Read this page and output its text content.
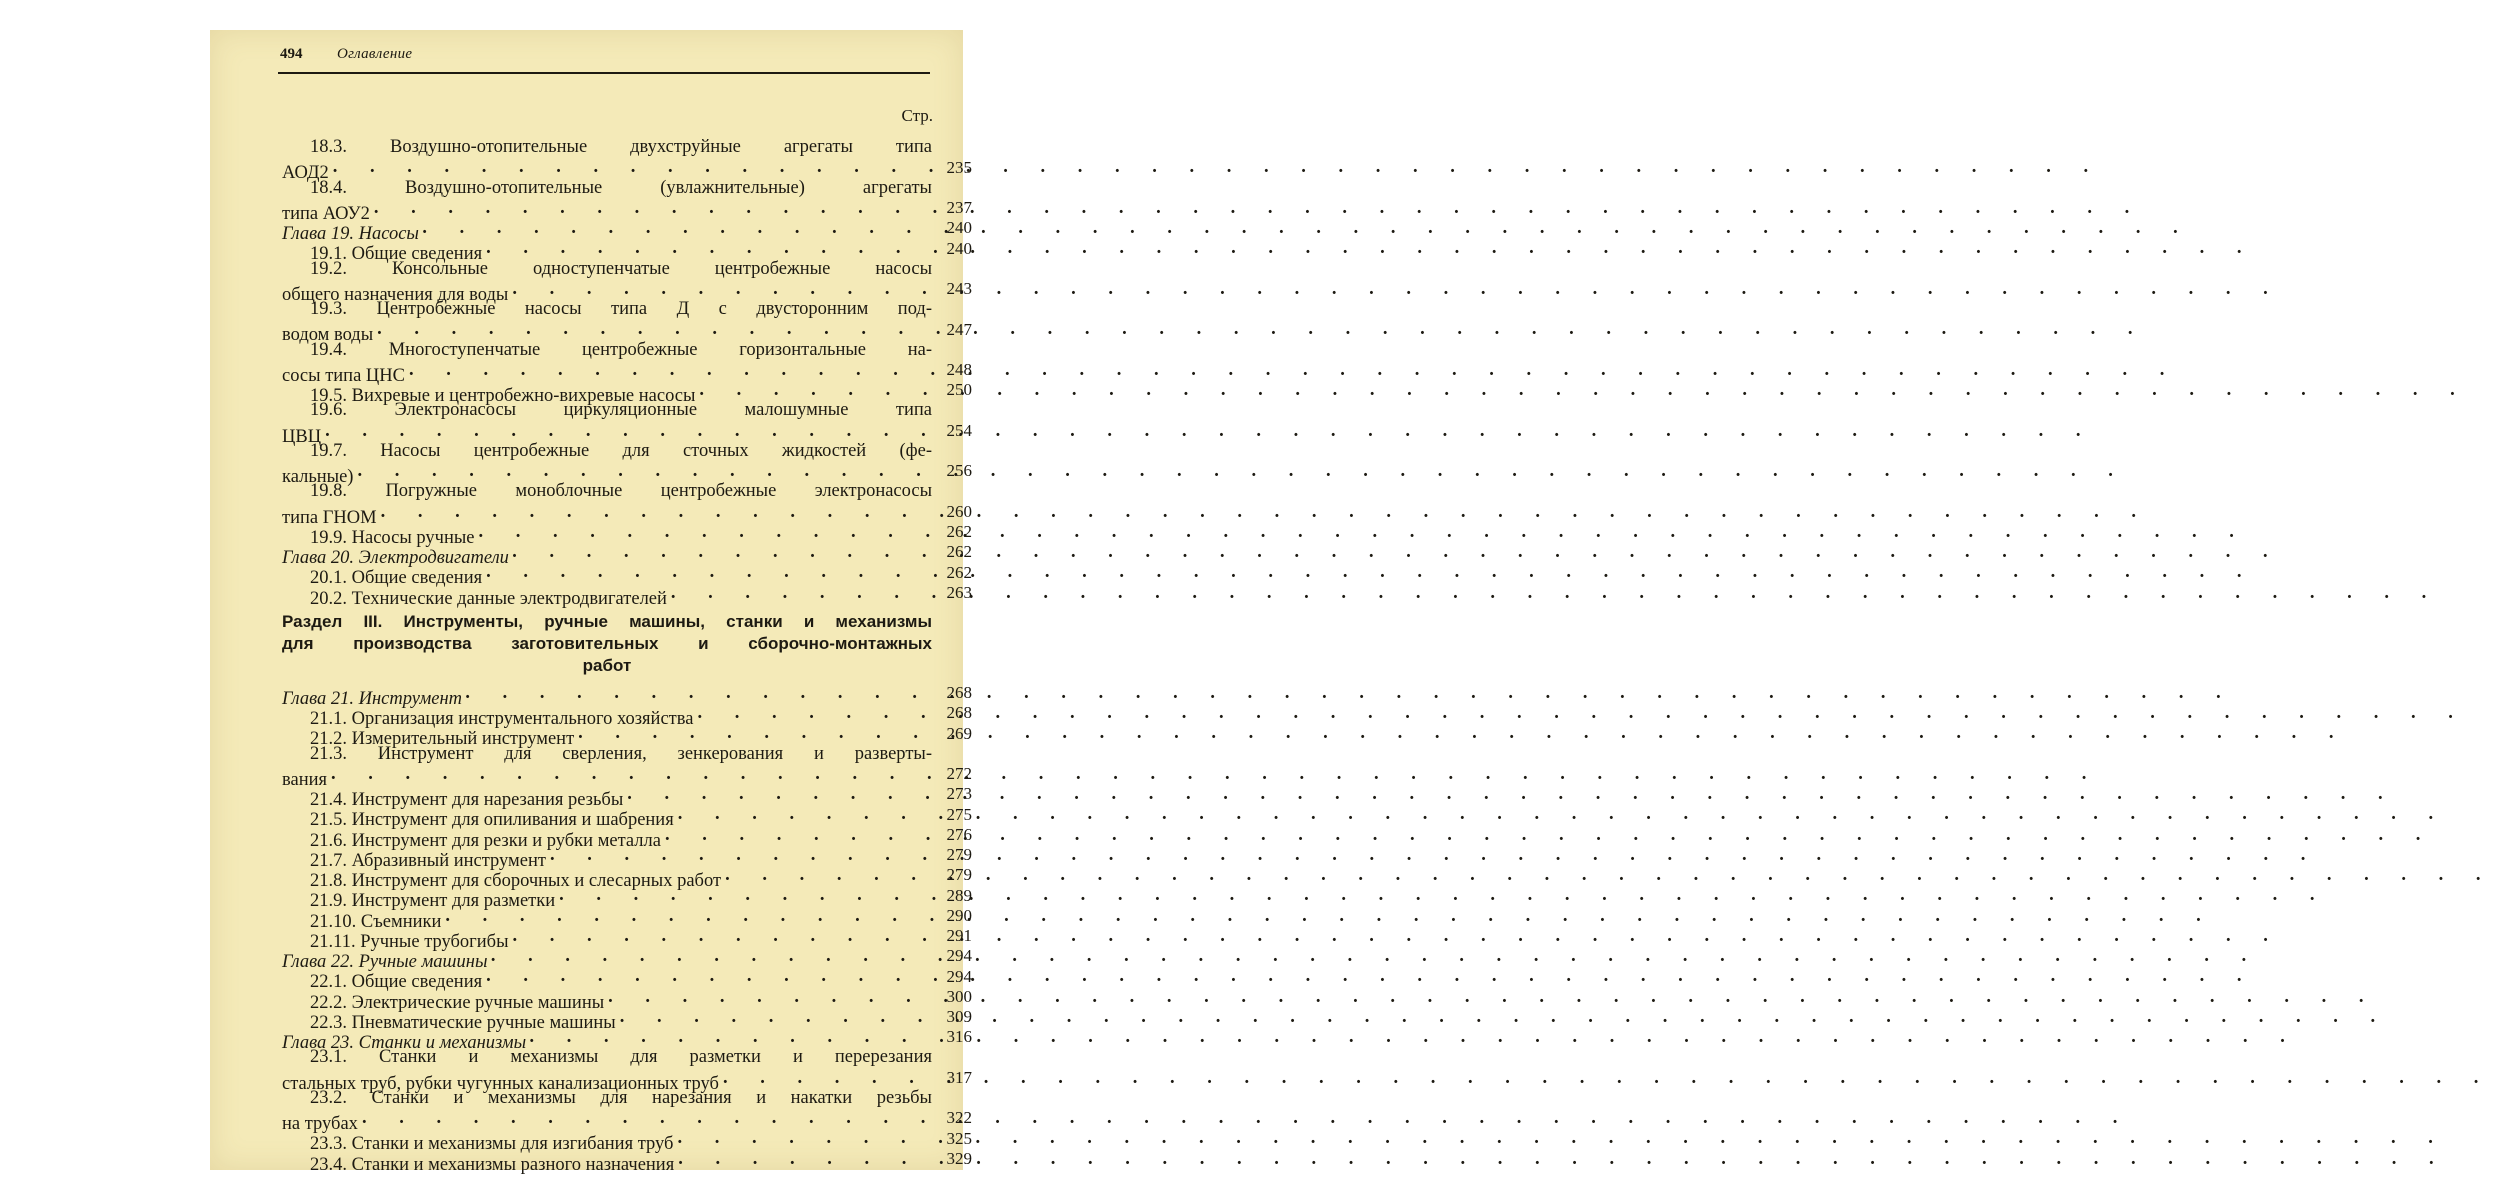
494 Оглавление
Стр.
18.3. Воздушно-отопительные двухструйные агрегаты типа
АОД2 . . .	235
18.4. Воздушно-отопительные (увлажнительные) агрегаты
типа АОУ2 . . .	237
Глава 19. Насосы . . .	240
19.1. Общие сведения . . .	240
19.2. Консольные одноступенчатые центробежные насосы
общего назначения для воды . . .	243
19.3. Центробежные насосы типа Д с двусторонним под-
водом воды . . .	247
19.4. Многоступенчатые центробежные горизонтальные на-
сосы типа ЦНС . . .	248
19.5. Вихревые и центробежно-вихревые насосы . . .	250
19.6. Электронасосы циркуляционные малошумные типа
ЦВЦ . . .	254
19.7. Насосы центробежные для сточных жидкостей (фе-
кальные) . . .	256
19.8. Погружные моноблочные центробежные электронасосы
типа ГНОМ . . .	260
19.9. Насосы ручные . . .	262
Глава 20. Электродвигатели . . .	262
20.1. Общие сведения . . .	262
20.2. Технические данные электродвигателей . . .	263
Раздел III. Инструменты, ручные машины, станки и механизмы
для производства заготовительных и сборочно-монтажных
работ
Глава 21. Инструмент . . .	268
21.1. Организация инструментального хозяйства . . .	268
21.2. Измерительный инструмент . . .	269
21.3. Инструмент для сверления, зенкерования и разверты-
вания . . .	272
21.4. Инструмент для нарезания резьбы . . .	273
21.5. Инструмент для опиливания и шабрения . . .	275
21.6. Инструмент для резки и рубки металла . . .	276
21.7. Абразивный инструмент . . .	279
21.8. Инструмент для сборочных и слесарных работ . . .	279
21.9. Инструмент для разметки . . .	289
21.10. Съемники . . .	290
21.11. Ручные трубогибы . . .	291
Глава 22. Ручные машины . . .	294
22.1. Общие сведения . . .	294
22.2. Электрические ручные машины . . .	300
22.3. Пневматические ручные машины . . .	309
Глава 23. Станки и механизмы . . .	316
23.1. Станки и механизмы для разметки и перерезания
стальных труб, рубки чугунных канализационных труб . . .	317
23.2. Станки и механизмы для нарезания и накатки резьбы
на трубах . . .	322
23.3. Станки и механизмы для изгибания труб . . .	325
23.4. Станки и механизмы разного назначения . . .	329
